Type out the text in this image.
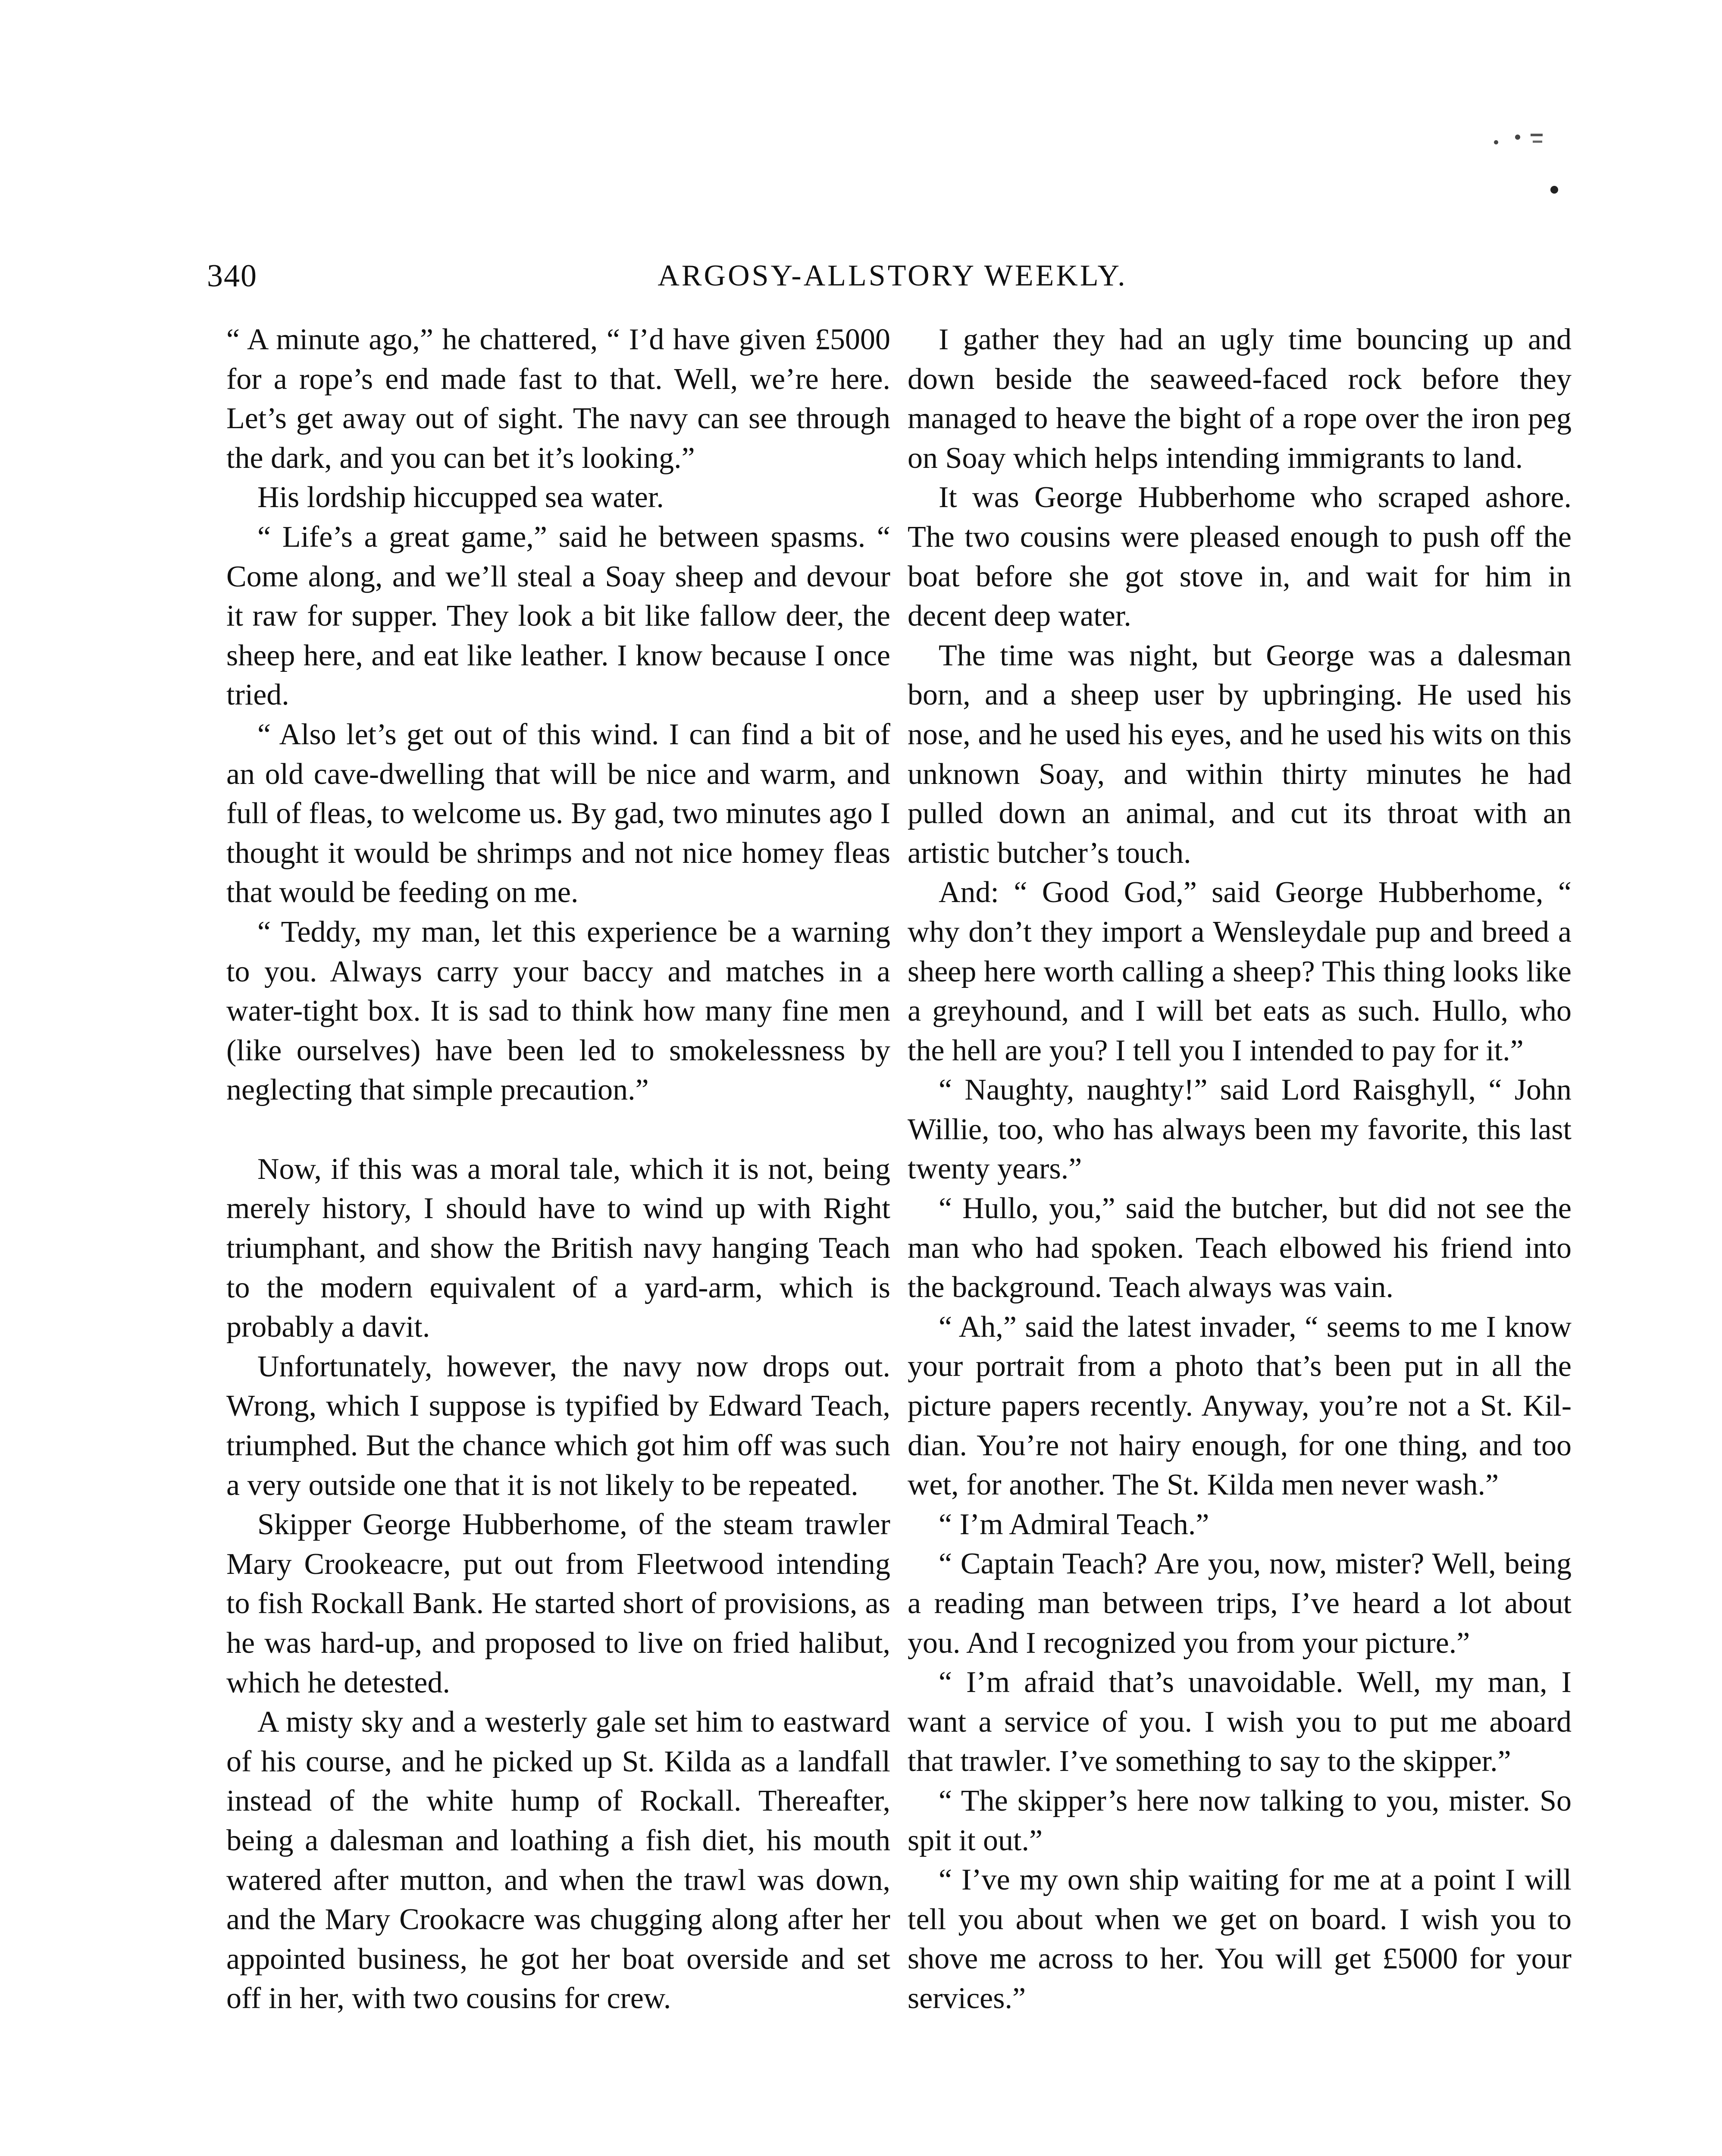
340	ARGOSY-ALLSTORY WEEKLY.

“ A minute ago,” he chattered, “ I’d have given £5000 for a rope’s end made fast to that. Well, we’re here. Let’s get away out of sight. The navy can see through the dark, and you can bet it’s looking.”

His lordship hiccupped sea water.

“ Life’s a great game,” said he between spasms. “ Come along, and we’ll steal a Soay sheep and devour it raw for supper. They look a bit like fallow deer, the sheep here, and eat like leather. I know because I once tried.

“ Also let’s get out of this wind. I can find a bit of an old cave-dwelling that will be nice and warm, and full of fleas, to welcome us. By gad, two minutes ago I thought it would be shrimps and not nice homey fleas that would be feeding on me.

“ Teddy, my man, let this experience be a warning to you. Always carry your baccy and matches in a water-tight box. It is sad to think how many fine men (like ourselves) have been led to smokelessness by neglecting that simple precaution.”

Now, if this was a moral tale, which it is not, being merely history, I should have to wind up with Right triumphant, and show the British navy hanging Teach to the modern equivalent of a yard-arm, which is probably a davit.

Unfortunately, however, the navy now drops out. Wrong, which I suppose is typified by Edward Teach, triumphed. But the chance which got him off was such a very outside one that it is not likely to be repeated.

Skipper George Hubberhome, of the steam trawler Mary Crookeacre, put out from Fleetwood intending to fish Rockall Bank. He started short of provisions, as he was hard-up, and proposed to live on fried halibut, which he detested.

A misty sky and a westerly gale set him to eastward of his course, and he picked up St. Kilda as a landfall instead of the white hump of Rockall. Thereafter, being a dalesman and loathing a fish diet, his mouth watered after mutton, and when the trawl was down, and the Mary Crookacre was chugging along after her appointed business, he got her boat overside and set off in her, with two cousins for crew.

I gather they had an ugly time bouncing up and down beside the seaweed-faced rock before they managed to heave the bight of a rope over the iron peg on Soay which helps intending immigrants to land.

It was George Hubberhome who scraped ashore. The two cousins were pleased enough to push off the boat before she got stove in, and wait for him in decent deep water.

The time was night, but George was a dalesman born, and a sheep user by upbringing. He used his nose, and he used his eyes, and he used his wits on this unknown Soay, and within thirty minutes he had pulled down an animal, and cut its throat with an artistic butcher’s touch.

And: “ Good God,” said George Hubberhome, “ why don’t they import a Wensleydale pup and breed a sheep here worth calling a sheep? This thing looks like a greyhound, and I will bet eats as such. Hullo, who the hell are you? I tell you I intended to pay for it.”

“ Naughty, naughty!” said Lord Raisghyll, “ John Willie, too, who has always been my favorite, this last twenty years.”

“ Hullo, you,” said the butcher, but did not see the man who had spoken. Teach elbowed his friend into the background. Teach always was vain.

“ Ah,” said the latest invader, “ seems to me I know your portrait from a photo that’s been put in all the picture papers recently. Anyway, you’re not a St. Kildian. You’re not hairy enough, for one thing, and too wet, for another. The St. Kilda men never wash.”

“ I’m Admiral Teach.”

“ Captain Teach? Are you, now, mister? Well, being a reading man between trips, I’ve heard a lot about you. And I recognized you from your picture.”

“ I’m afraid that’s unavoidable. Well, my man, I want a service of you. I wish you to put me aboard that trawler. I’ve something to say to the skipper.”

“ The skipper’s here now talking to you, mister. So spit it out.”

“ I’ve my own ship waiting for me at a point I will tell you about when we get on board. I wish you to shove me across to her. You will get £5000 for your services.”
